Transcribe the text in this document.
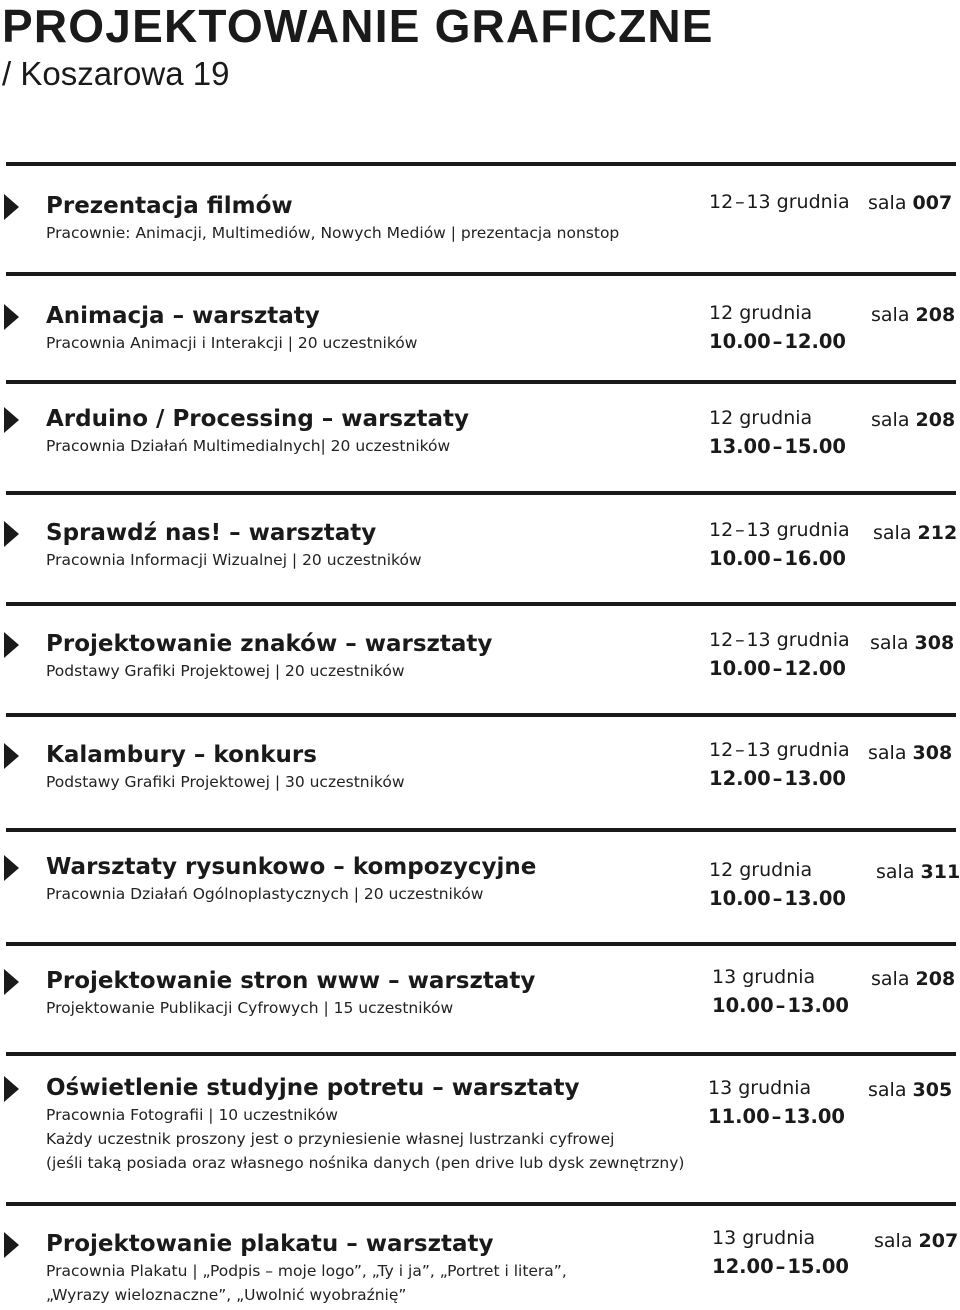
PROJEKTOWANIE GRAFICZNE
/ Koszarowa 19
Prezentacja filmów
Pracownie: Animacji, Multimediów, Nowych Mediów | prezentacja nonstop
12 – 13 grudnia sala 007
Animacja – warsztaty
Pracownia Animacji i Interakcji | 20 uczestników
12 grudnia
10.00 – 12.00
sala 208
Arduino / Processing – warsztaty
Pracownia Działań Multimedialnych| 20 uczestników
12 grudnia
13.00 – 15.00
sala 208
Sprawdź nas! – warsztaty
Pracownia Informacji Wizualnej | 20 uczestników
12 – 13 grudnia
10.00 – 16.00
sala 212
Projektowanie znaków – warsztaty
Podstawy Grafiki Projektowej | 20 uczestników
12 – 13 grudnia
10.00 – 12.00
sala 308
Kalambury – konkurs
Podstawy Grafiki Projektowej | 30 uczestników
12 – 13 grudnia
12.00 – 13.00
sala 308
Warsztaty rysunkowo – kompozycyjne
Pracownia Działań Ogólnoplastycznych | 20 uczestników
12 grudnia
10.00 – 13.00
sala 311
Projektowanie stron www – warsztaty
Projektowanie Publikacji Cyfrowych | 15 uczestników
13 grudnia
10.00 – 13.00
sala 208
Oświetlenie studyjne potretu – warsztaty
Pracownia Fotografii | 10 uczestników
Każdy uczestnik proszony jest o przyniesienie własnej lustrzanki cyfrowej
(jeśli taką posiada oraz własnego nośnika danych (pen drive lub dysk zewnętrzny)
13 grudnia
11.00 – 13.00
sala 305
Projektowanie plakatu – warsztaty
Pracownia Plakatu | „Podpis – moje logo”, „Ty i ja”, „Portret i litera”,
„Wyrazy wieloznaczne”, „Uwolnić wyobraźnię”
13 grudnia
12.00 – 15.00
sala 207
